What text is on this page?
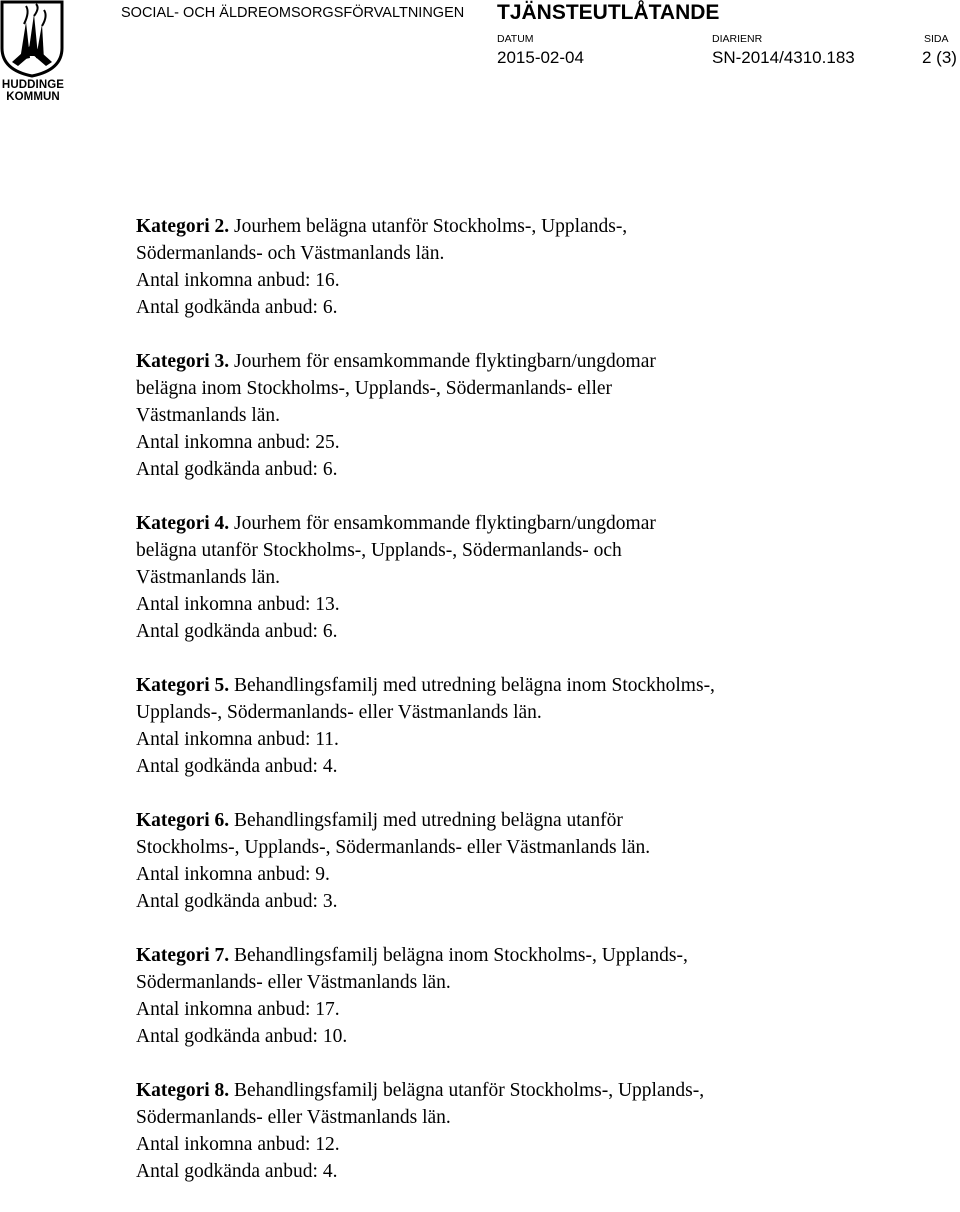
HUDDINGE
KOMMUN
SOCIAL- OCH ÄLDREOMSORGSFÖRVALTNINGEN TJÄNSTEUTLÅTANDE
DATUM
2015-02-04
DIARIENR
SN-2014/4310.183
SIDA
2 (3)
Kategori 2. Jourhem belägna utanför Stockholms-, Upplands-,
Södermanlands- och Västmanlands län.
Antal inkomna anbud: 16.
Antal godkända anbud: 6.
Kategori 3. Jourhem för ensamkommande flyktingbarn/ungdomar
belägna inom Stockholms-, Upplands-, Södermanlands- eller
Västmanlands län.
Antal inkomna anbud: 25.
Antal godkända anbud: 6.
Kategori 4. Jourhem för ensamkommande flyktingbarn/ungdomar
belägna utanför Stockholms-, Upplands-, Södermanlands- och
Västmanlands län.
Antal inkomna anbud: 13.
Antal godkända anbud: 6.
Kategori 5. Behandlingsfamilj med utredning belägna inom Stockholms-,
Upplands-, Södermanlands- eller Västmanlands län.
Antal inkomna anbud: 11.
Antal godkända anbud: 4.
Kategori 6. Behandlingsfamilj med utredning belägna utanför
Stockholms-, Upplands-, Södermanlands- eller Västmanlands län.
Antal inkomna anbud: 9.
Antal godkända anbud: 3.
Kategori 7. Behandlingsfamilj belägna inom Stockholms-, Upplands-,
Södermanlands- eller Västmanlands län.
Antal inkomna anbud: 17.
Antal godkända anbud: 10.
Kategori 8. Behandlingsfamilj belägna utanför Stockholms-, Upplands-,
Södermanlands- eller Västmanlands län.
Antal inkomna anbud: 12.
Antal godkända anbud: 4.
